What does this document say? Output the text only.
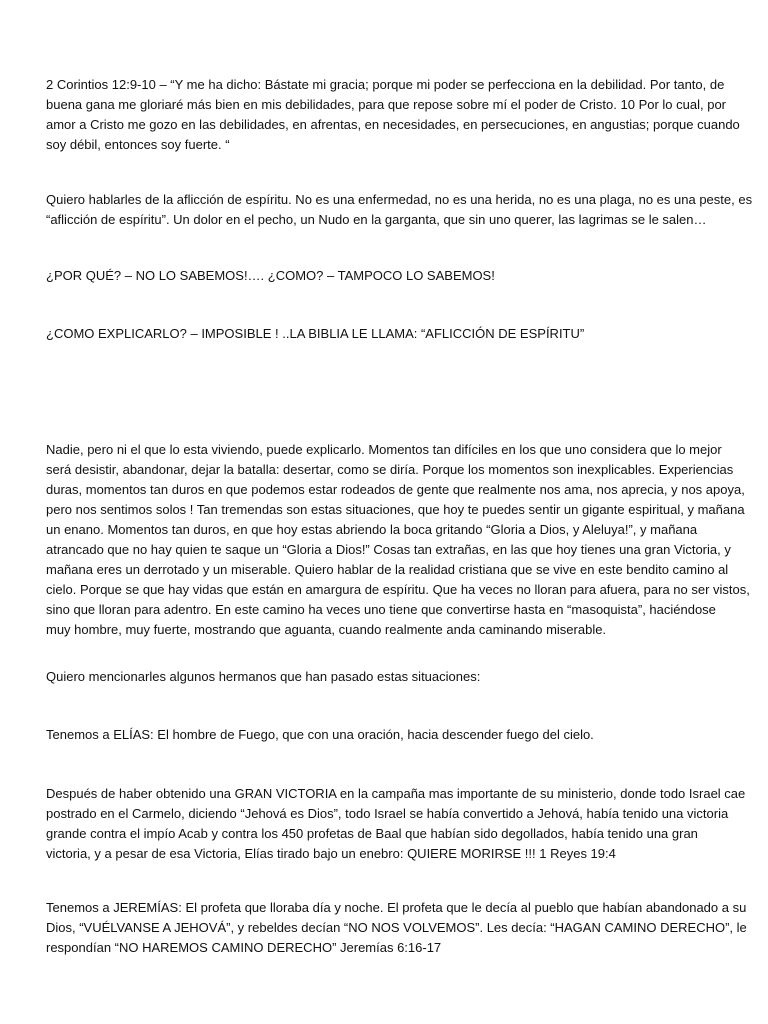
2 Corintios 12:9-10 – “Y me ha dicho: Bástate mi gracia; porque mi poder se perfecciona en la debilidad. Por tanto, de
buena gana me gloriaré más bien en mis debilidades, para que repose sobre mí el poder de Cristo. 10 Por lo cual, por
amor a Cristo me gozo en las debilidades, en afrentas, en necesidades, en persecuciones, en angustias; porque cuando
soy débil, entonces soy fuerte. “

Quiero hablarles de la aflicción de espíritu. No es una enfermedad, no es una herida, no es una plaga, no es una peste, es
“aflicción de espíritu”. Un dolor en el pecho, un Nudo en la garganta, que sin uno querer, las lagrimas se le salen…

¿POR QUÉ? – NO LO SABEMOS!…. ¿COMO? – TAMPOCO LO SABEMOS!

¿COMO EXPLICARLO? – IMPOSIBLE ! ..LA BIBLIA LE LLAMA: “AFLICCIÓN DE ESPÍRITU”

Nadie, pero ni el que lo esta viviendo, puede explicarlo. Momentos tan difíciles en los que uno considera que lo mejor
será desistir, abandonar, dejar la batalla: desertar, como se diría. Porque los momentos son inexplicables. Experiencias
duras, momentos tan duros en que podemos estar rodeados de gente que realmente nos ama, nos aprecia, y nos apoya,
pero nos sentimos solos ! Tan tremendas son estas situaciones, que hoy te puedes sentir un gigante espiritual, y mañana
un enano. Momentos tan duros, en que hoy estas abriendo la boca gritando “Gloria a Dios, y Aleluya!”, y mañana
atrancado que no hay quien te saque un “Gloria a Dios!” Cosas tan extrañas, en las que hoy tienes una gran Victoria, y
mañana eres un derrotado y un miserable. Quiero hablar de la realidad cristiana que se vive en este bendito camino al
cielo. Porque se que hay vidas que están en amargura de espíritu. Que ha veces no lloran para afuera, para no ser vistos,
sino que lloran para adentro. En este camino ha veces uno tiene que convertirse hasta en “masoquista”, haciéndose
muy hombre, muy fuerte, mostrando que aguanta, cuando realmente anda caminando miserable.

Quiero mencionarles algunos hermanos que han pasado estas situaciones:

Tenemos a ELÍAS: El hombre de Fuego, que con una oración, hacia descender fuego del cielo.

Después de haber obtenido una GRAN VICTORIA en la campaña mas importante de su ministerio, donde todo Israel cae
postrado en el Carmelo, diciendo “Jehová es Dios”, todo Israel se había convertido a Jehová, había tenido una victoria
grande contra el impío Acab y contra los 450 profetas de Baal que habían sido degollados, había tenido una gran
victoria, y a pesar de esa Victoria, Elías tirado bajo un enebro: QUIERE MORIRSE !!! 1 Reyes 19:4

Tenemos a JEREMÍAS: El profeta que lloraba día y noche. El profeta que le decía al pueblo que habían abandonado a su
Dios, “VUÉLVANSE A JEHOVÁ”, y rebeldes decían “NO NOS VOLVEMOS”. Les decía: “HAGAN CAMINO DERECHO”, le
respondían “NO HAREMOS CAMINO DERECHO” Jeremías 6:16-17
